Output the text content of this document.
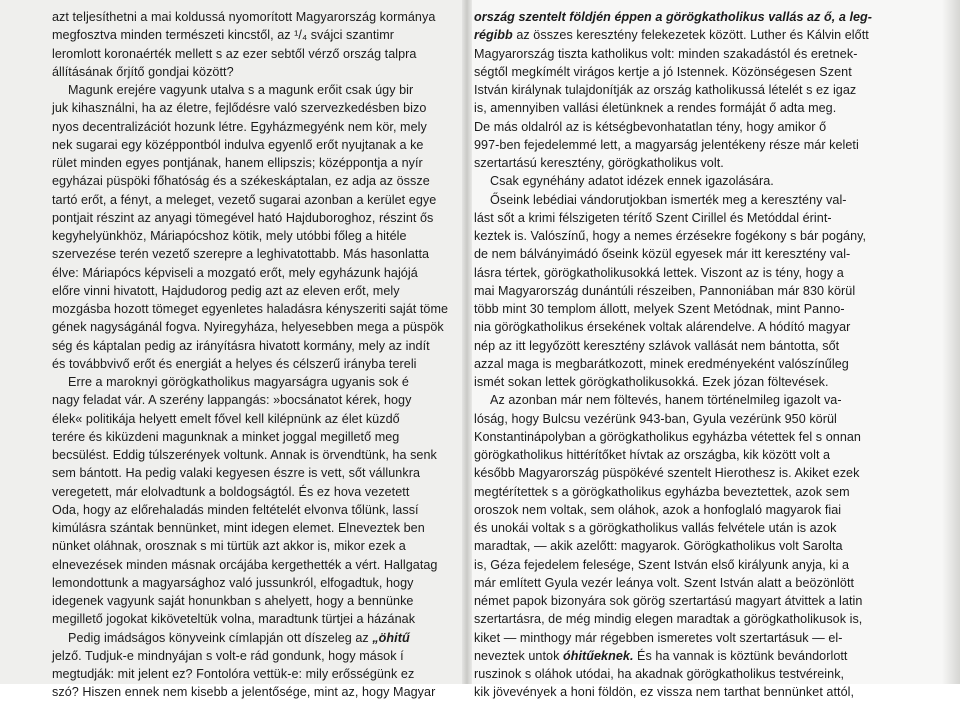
azt teljesíthetni a mai koldussá nyomorított Magyarország kormánya
megfosztva minden természeti kincstől, az ¹/₄ svájci szantimr
leromlott koronaérték mellett s az ezer sebtől vérző ország talpra
állításának őrjítő gondjai között?
Magunk erejére vagyunk utalva s a magunk erőit csak úgy bir
juk kihasználni, ha az életre, fejlődésre való szervezkedésben bizo
nyos decentralizációt hozunk létre. Egyházmegyénk nem kör, mely
nek sugarai egy középpontból indulva egyenlő erőt nyujtanak a ke
rület minden egyes pontjának, hanem ellipszis; középpontja a nyír
egyházai püspöki főhatóság és a székeskáptalan, ez adja az össze
tartó erőt, a fényt, a meleget, vezető sugarai azonban a kerület egye
pontjait részint az anyagi tömegével ható Hajduboroghoz, részint ős
kegyhelyünkhöz, Máriapócshoz kötik, mely utóbbi főleg a hitéle
szervezése terén vezető szerepre a leghivatottabb. Más hasonlatta
élve: Máriapócs képviseli a mozgató erőt, mely egyházunk hajójá
előre vinni hivatott, Hajdudorog pedig azt az eleven erőt, mely
mozgásba hozott tömeget egyenletes haladásra kényszeriti saját töme
gének nagyságánál fogva. Nyiregyháza, helyesebben mega a püspök
ség és káptalan pedig az irányításra hivatott kormány, mely az indít
és továbbvivő erőt és energiát a helyes és célszerű irányba tereli
Erre a maroknyi görögkatholikus magyarságra ugyanis sok é
nagy feladat vár. A szerény lappangás: »bocsánatot kérek, hogy
élek« politikája helyett emelt fővel kell kilépnünk az élet küzdő
terére és kiküzdeni magunknak a minket joggal megillető meg
becsülést. Eddig túlszerények voltunk. Annak is örvendtünk, ha senk
sem bántott. Ha pedig valaki kegyesen észre is vett, sőt vállunkra
veregetett, már elolvadtunk a boldogságtól. És ez hova vezetett
Oda, hogy az előrehaladás minden feltételét elvonva tőlünk, lassí
kimúlásra szántak bennünket, mint idegen elemet. Elneveztek ben
nünket oláhnak, orosznak s mi türtük azt akkor is, mikor ezek a
elnevezések minden másnak orcájába kergethették a vért. Hallgatag
lemondottunk a magyarsághoz való jussunkról, elfogadtuk, hogy
idegenek vagyunk saját honunkban s ahelyett, hogy a bennünke
megillető jogokat kiköveteltük volna, maradtunk türtjei a házának
Pedig imádságos könyveink címlapján ott díszeleg az „öhitű
jelző. Tudjuk-e mindnyájan s volt-e rád gondunk, hogy mások í
megtudják: mit jelent ez? Fontolóra vettük-e: mily erősségünk ez
szó? Hiszen ennek nem kisebb a jelentősége, mint az, hogy Magyar
ország szentelt földjén éppen a görögkatholikus vallás az ő, a leg-
régibb az összes keresztény felekezetek között. Luther és Kálvin előtt
Magyarország tiszta katholikus volt: minden szakadástól és eretnek-
ségtől megkímélt virágos kertje a jó Istennek. Közönségesen Szent
István királynak tulajdonítják az ország katholikussá lételét s ez igaz
is, amennyiben vallási életünknek a rendes formáját ő adta meg.
De más oldalról az is kétségbevonhatatlan tény, hogy amikor ő
997-ben fejedelemmé lett, a magyarság jelentékeny része már keleti
szertartású keresztény, görögkatholikus volt.
Csak egynéhány adatot idézek ennek igazolására.
Őseink lebédiai vándorutjokban ismerték meg a keresztény val-
lást sőt a krimi félszigeten térítő Szent Cirillel és Metóddal érint-
keztek is. Valószínű, hogy a nemes érzésekre fogékony s bár pogány,
de nem bálványimádó őseink közül egyesek már itt keresztény val-
lásra tértek, görögkatholikusokká lettek. Viszont az is tény, hogy a
mai Magyarország dunántúli részeiben, Pannoniában már 830 körül
több mint 30 templom állott, melyek Szent Metódnak, mint Panno-
nia görögkatholikus érsekének voltak alárendelve. A hódító magyar
nép az itt legyőzött keresztény szlávok vallását nem bántotta, sőt
azzal maga is megbarátkozott, minek eredményeként valószínűleg
ismét sokan lettek görögkatholikusokká. Ezek józan föltevések.
Az azonban már nem föltevés, hanem történelmileg igazolt va-
lóság, hogy Bulcsu vezérünk 943-ban, Gyula vezérünk 950 körül
Konstantinápolyban a görögkatholikus egyházba vétettek fel s onnan
görögkatholikus hittérítőket hívtak az országba, kik között volt a
később Magyarország püspökévé szentelt Hierothesz is. Akiket ezek
megtérítettek s a görögkatholikus egyházba beveztettek, azok sem
oroszok nem voltak, sem oláhok, azok a honfoglaló magyarok fiai
és unokái voltak s a görögkatholikus vallás felvétele után is azok
maradtak, — akik azelőtt: magyarok. Görögkatholikus volt Sarolta
is, Géza fejedelem felesége, Szent István első királyunk anyja, ki a
már említett Gyula vezér leánya volt. Szent István alatt a beözönlött
német papok bizonyára sok görög szertartású magyart átvittek a latin
szertartásra, de még mindig elegen maradtak a görögkatholikusok is,
kiket — minthogy már régebben ismeretes volt szertartásuk — el-
neveztek untok óhitűeknek. És ha vannak is köztünk bevándorlott
ruszinok s oláhok utódai, ha akadnak görögkatholikus testvéreink,
kik jövevények a honi földön, ez vissza nem tarthat bennünket attól,
